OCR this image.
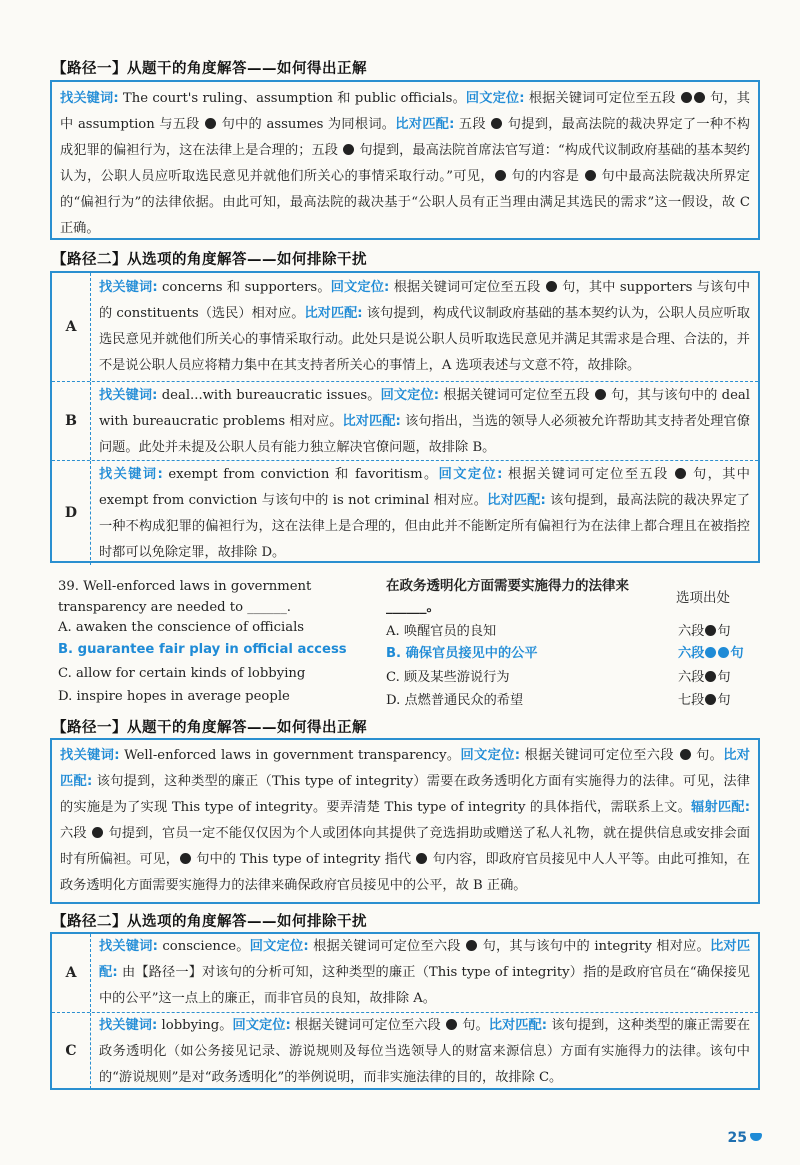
【路径一】从题干的角度解答——如何得出正解
找关键词: The court's ruling、assumption 和 public officials。回文定位: 根据关键词可定位至五段  句，其中 assumption 与五段  句中的 assumes 为同根词。比对匹配: 五段  句提到，最高法院的裁决界定了一种不构成犯罪的偏袒行为，这在法律上是合理的；五段  句提到，最高法院首席法官写道：“构成代议制政府基础的基本契约认为，公职人员应听取选民意见并就他们所关心的事情采取行动。”可见， 句的内容是  句中最高法院裁决所界定的“偏袒行为”的法律依据。由此可知，最高法院的裁决基于“公职人员有正当理由满足其选民的需求”这一假设，故 C 正确。
【路径二】从选项的角度解答——如何排除干扰
A
找关键词: concerns 和 supporters。回文定位: 根据关键词可定位至五段  句，其中 supporters 与该句中的 constituents（选民）相对应。比对匹配: 该句提到，构成代议制政府基础的基本契约认为，公职人员应听取选民意见并就他们所关心的事情采取行动。此处只是说公职人员听取选民意见并满足其需求是合理、合法的，并不是说公职人员应将精力集中在其支持者所关心的事情上，A 选项表述与文意不符，故排除。
B
找关键词: deal...with bureaucratic issues。回文定位: 根据关键词可定位至五段  句，其与该句中的 deal with bureaucratic problems 相对应。比对匹配: 该句指出，当选的领导人必须被允许帮助其支持者处理官僚问题。此处并未提及公职人员有能力独立解决官僚问题，故排除 B。
D
找关键词: exempt from conviction 和 favoritism。回文定位: 根据关键词可定位至五段  句，其中 exempt from conviction 与该句中的 is not criminal 相对应。比对匹配: 该句提到，最高法院的裁决界定了一种不构成犯罪的偏袒行为，这在法律上是合理的，但由此并不能断定所有偏袒行为在法律上都合理且在被指控时都可以免除定罪，故排除 D。
39. Well-enforced laws in government transparency are needed to ______.
在政务透明化方面需要实施得力的法律来______。
选项出处
A. awaken the conscience of officials	A. 唤醒官员的良知	六段 句
B. guarantee fair play in official access	B. 确保官员接见中的公平	六段 句
C. allow for certain kinds of lobbying	C. 顾及某些游说行为	六段 句
D. inspire hopes in average people	D. 点燃普通民众的希望	七段 句
【路径一】从题干的角度解答——如何得出正解
找关键词: Well-enforced laws in government transparency。回文定位: 根据关键词可定位至六段  句。比对匹配: 该句提到，这种类型的廉正（This type of integrity）需要在政务透明化方面有实施得力的法律。可见，法律的实施是为了实现 This type of integrity。要弄清楚 This type of integrity 的具体指代，需联系上文。辐射匹配: 六段  句提到，官员一定不能仅仅因为个人或团体向其提供了竞选捐助或赠送了私人礼物，就在提供信息或安排会面时有所偏袒。可见， 句中的 This type of integrity 指代  句内容，即政府官员接见中人人平等。由此可推知，在政务透明化方面需要实施得力的法律来确保政府官员接见中的公平，故 B 正确。
【路径二】从选项的角度解答——如何排除干扰
A
找关键词: conscience。回文定位: 根据关键词可定位至六段  句，其与该句中的 integrity 相对应。比对匹配: 由【路径一】对该句的分析可知，这种类型的廉正（This type of integrity）指的是政府官员在“确保接见中的公平”这一点上的廉正，而非官员的良知，故排除 A。
C
找关键词: lobbying。回文定位: 根据关键词可定位至六段  句。比对匹配: 该句提到，这种类型的廉正需要在政务透明化（如公务接见记录、游说规则及每位当选领导人的财富来源信息）方面有实施得力的法律。该句中的“游说规则”是对“政务透明化”的举例说明，而非实施法律的目的，故排除 C。
25
